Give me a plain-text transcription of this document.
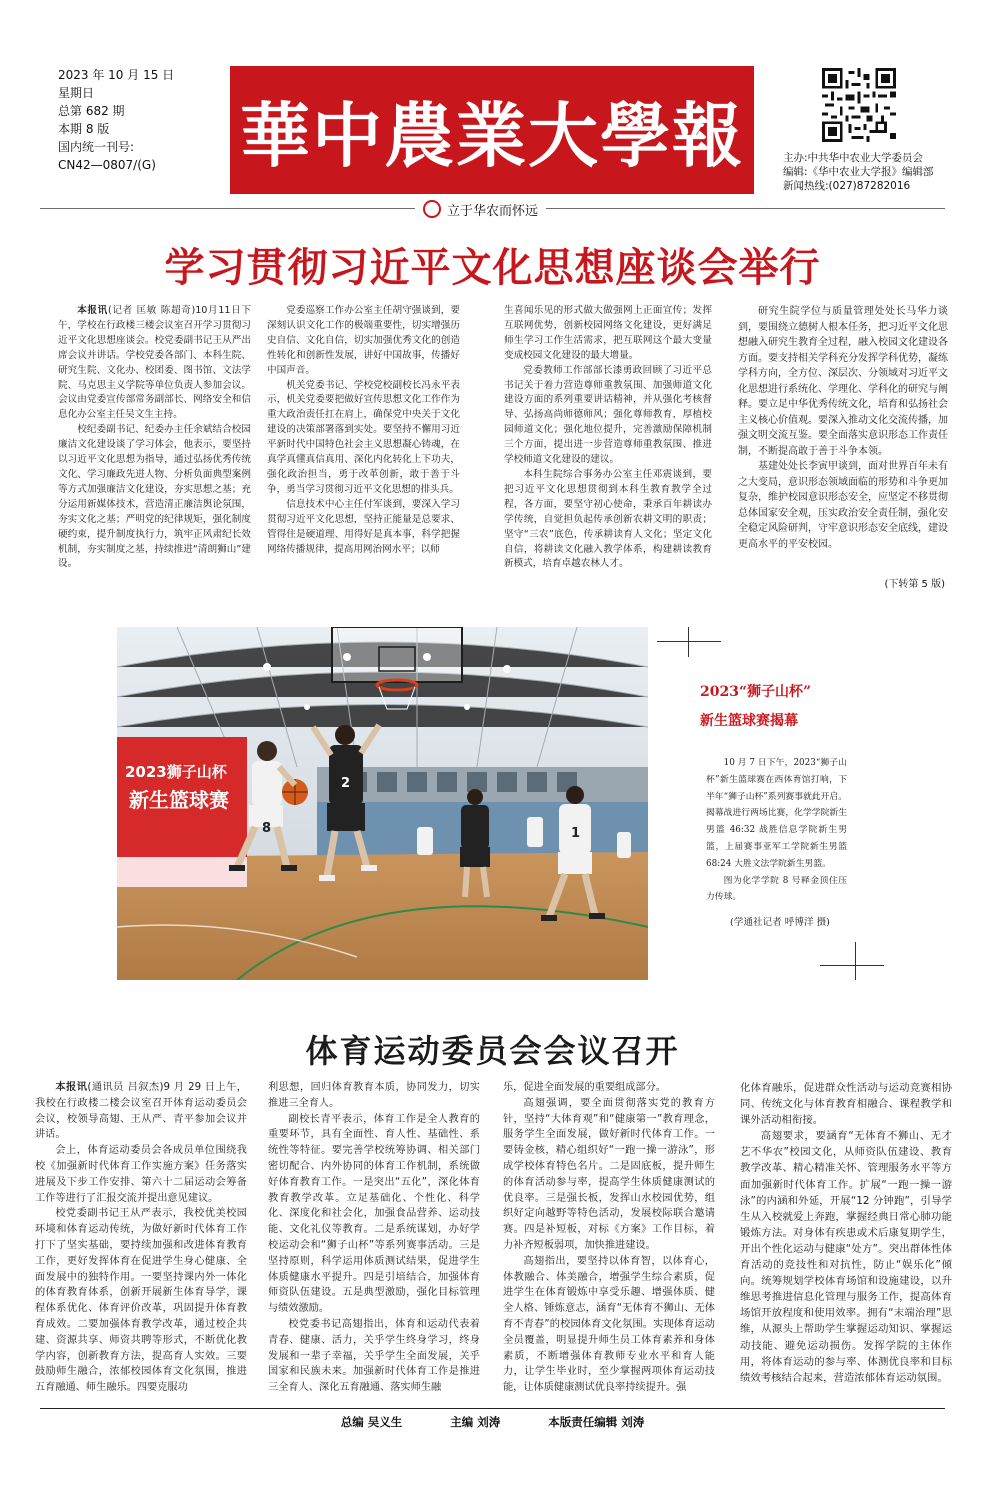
2023 年 10 月 15 日
星期日
总第 682 期
本期 8 版
国内统一刊号:
CN42—0807/(G) 華中農業大學報	主办:中共华中农业大学委员会
编辑:《华中农业大学报》编辑部
新闻热线:(027)87282016
立于华农而怀远
学习贯彻习近平文化思想座谈会举行

本报讯(记者 匡敏 陈超奇)10月11日下午，学校在行政楼三楼会议室召开学习贯彻习近平文化思想座谈会。校党委副书记王从严出席会议并讲话。学校党委各部门、本科生院、研究生院、文化办、校团委、图书馆、文法学院、马克思主义学院等单位负责人参加会议。会议由党委宣传部常务副部长、网络安全和信息化办公室主任吴文生主持。

校纪委副书记、纪委办主任余斌结合校园廉洁文化建设谈了学习体会，他表示，要坚持以习近平文化思想为指导，通过弘扬优秀传统文化、学习廉政先进人物、分析负面典型案例等方式加强廉洁文化建设，夯实思想之基；充分运用新媒体技术，营造清正廉洁舆论氛围，夯实文化之基；严明党的纪律规矩，强化制度硬约束，提升制度执行力，筑牢正风肃纪长效机制，夯实制度之基，持续推进“清朗狮山”建设。

党委巡察工作办公室主任胡守强谈到，要深刻认识文化工作的极端重要性，切实增强历史自信、文化自信，切实加强优秀文化的创造性转化和创新性发展，讲好中国故事，传播好中国声音。

机关党委书记、学校党校副校长冯永平表示，机关党委要把做好宣传思想文化工作作为重大政治责任扛在肩上，确保党中央关于文化建设的决策部署落到实处。要坚持不懈用习近平新时代中国特色社会主义思想凝心铸魂，在真学真懂真信真用、深化内化转化上下功夫，强化政治担当，勇于改革创新，敢于善于斗争，勇当学习贯彻习近平文化思想的排头兵。

信息技术中心主任付军谈到，要深入学习贯彻习近平文化思想，坚持正能量是总要求、管得住是硬道理、用得好是真本事，科学把握网络传播规律，提高用网治网水平；以师

生喜闻乐见的形式做大做强网上正面宣传；发挥互联网优势，创新校园网络文化建设，更好满足师生学习工作生活需求，把互联网这个最大变量变成校园文化建设的最大增量。

党委教师工作部部长漆勇政回顾了习近平总书记关于着力营造尊师重教氛围、加强师道文化建设方面的系列重要讲话精神，并从强化考核督导、弘扬高尚师德师风；强化尊师教育，厚植校园师道文化；强化地位提升，完善激励保障机制三个方面，提出进一步营造尊师重教氛围、推进学校师道文化建设的建议。

本科生院综合事务办公室主任邓震谈到，要把习近平文化思想贯彻到本科生教育教学全过程，各方面，要坚守初心使命，秉承百年耕读办学传统，自觉担负起传承创新农耕文明的职责；坚守“三农”底色，传承耕读育人文化；坚定文化自信，将耕读文化融入教学体系，构建耕读教育新模式，培育卓越农林人才。

研究生院学位与质量管理处处长马华力谈到，要围绕立德树人根本任务，把习近平文化思想融入研究生教育全过程，融入校园文化建设各方面。要支持相关学科充分发挥学科优势，凝练学科方向，全方位、深层次、分领域对习近平文化思想进行系统化、学理化、学科化的研究与阐释。要立足中华优秀传统文化，培育和弘扬社会主义核心价值观。要深入推动文化交流传播，加强文明交流互鉴。要全面落实意识形态工作责任制，不断提高敢于善于斗争本领。

基建处处长李寅甲谈到，面对世界百年未有之大变局，意识形态领域面临的形势和斗争更加复杂，维护校园意识形态安全，应坚定不移贯彻总体国家安全观，压实政治安全责任制，强化安全稳定风险研判，守牢意识形态安全底线，建设更高水平的平安校园。

(下转第 5 版)
2023狮子山杯
新生篮球赛
8
2
1
2023“狮子山杯”
新生篮球赛揭幕

10 月 7 日下午，2023“狮子山杯”新生篮球赛在西体育馆打响，下半年“狮子山杯”系列赛事就此开启。揭幕战进行两场比赛，化学学院新生男篮 46:32 战胜信息学院新生男篮，上届赛事亚军工学院新生男篮 68:24 大胜文法学院新生男篮。

图为化学学院 8 号释金顶住压力传球。

(学通社记者 呼博洋 摄)
体育运动委员会会议召开

本报讯(通讯员 吕叙杰)9 月 29 日上午，我校在行政楼二楼会议室召开体育运动委员会会议，校领导高翅、王从严、青平参加会议并讲话。

会上，体育运动委员会各成员单位围绕我校《加强新时代体育工作实施方案》任务落实进展及下步工作安排、第六十二届运动会筹备工作等进行了汇报交流并提出意见建议。

校党委副书记王从严表示，我校优美校园环境和体育运动传统，为做好新时代体育工作打下了坚实基础，要持续加强和改进体育教育工作，更好发挥体育在促进学生身心健康、全面发展中的独特作用。一要坚持课内外一体化的体育教育体系，创新开展新生体育导学，课程体系优化、体育评价改革，巩固提升体育教育成效。二要加强体育教学改革，通过校企共建、资源共享、师资共聘等形式，不断优化教学内容，创新教育方法，提高育人实效。三要鼓励师生融合，浓郁校园体育文化氛围，推进五育融通、师生融乐。四要克服功

利思想，回归体育教育本质，协同发力，切实推进三全育人。

副校长青平表示，体育工作是全人教育的重要环节，具有全面性、育人性、基础性、系统性等特征。要完善学校统筹协调、相关部门密切配合、内外协同的体育工作机制，系统做好体育教育工作。一是突出“五化”，深化体育教育教学改革。立足基础化、个性化、科学化、深度化和社会化，加强食品营养、运动技能、文化礼仪等教育。二是系统谋划，办好学校运动会和“狮子山杯”等系列赛事活动。三是坚持原则，科学运用体质测试结果，促进学生体质健康水平提升。四是引培结合，加强体育师资队伍建设。五是典型激励，强化目标管理与绩效激励。

校党委书记高翅指出，体育和运动代表着青春、健康、活力，关乎学生终身学习，终身发展和一辈子幸福，关乎学生全面发展，关乎国家和民族未来。加强新时代体育工作是推进三全育人、深化五育融通、落实师生融

乐，促进全面发展的重要组成部分。

高翅强调，要全面贯彻落实党的教育方针，坚持“大体育观”和“健康第一”教育理念，服务学生全面发展，做好新时代体育工作。一要铸金核，精心组织好“一跑一操一游泳”，形成学校体育特色名片。二是固底板，提升师生的体育活动参与率，提高学生体质健康测试的优良率。三是强长板，发挥山水校园优势，组织好定向越野等特色活动，发展校际联合邀请赛。四是补短板，对标《方案》工作目标，着力补齐短板弱项，加快推进建设。

高翅指出，要坚持以体育智，以体育心，体教融合、体美融合，增强学生综合素质，促进学生在体育锻炼中享受乐趣、增强体质、健全人格、锤炼意志，涵育“无体育不狮山、无体育不青春”的校园体育文化氛围。实现体育运动全员覆盖，明显提升师生员工体育素养和身体素质，不断增强体育教师专业水平和育人能力，让学生毕业时，至少掌握两项体育运动技能，让体质健康测试优良率持续提升。强

化体育融乐，促进群众性活动与运动竞赛相协同、传统文化与体育教育相融合、课程教学和课外活动相衔接。

高翅要求，要涵育“无体育不狮山、无才艺不华农”校园文化，从师资队伍建设、教育教学改革、精心精准关怀、管理服务水平等方面加强新时代体育工作。扩展“一跑一操一游泳”的内涵和外延，开展“12 分钟跑”，引导学生从入校就爱上奔跑，掌握经典日常心肺功能锻炼方法。对身体有疾患或术后康复期学生，开出个性化运动与健康“处方”。突出群体性体育活动的竞技性和对抗性，防止“娱乐化”倾向。统筹规划学校体育场馆和设施建设，以升维思考推进信息化管理与服务工作，提高体育场馆开放程度和使用效率。拥有“末端治理”思维，从源头上帮助学生掌握运动知识、掌握运动技能、避免运动损伤。发挥学院的主体作用，将体育运动的参与率、体测优良率和目标绩效考核结合起来，营造浓郁体育运动氛围。

总编 吴义生	主编 刘涛	本版责任编辑 刘涛
